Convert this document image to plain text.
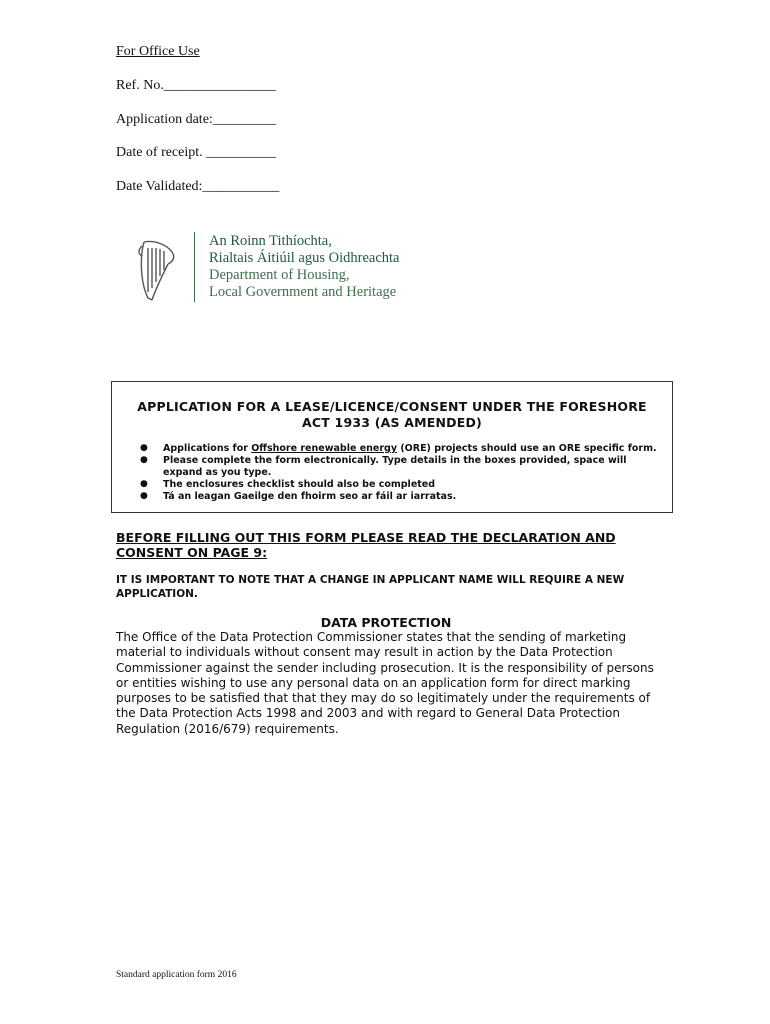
For Office Use
Ref. No.________________
Application date:_________
Date of receipt. __________
Date Validated:___________
An Roinn Tithíochta,
Rialtais Áitiúil agus Oidhreachta
Department of Housing,
Local Government and Heritage
APPLICATION FOR A LEASE/LICENCE/CONSENT UNDER THE FORESHORE ACT 1933 (AS AMENDED)
● Applications for Offshore renewable energy (ORE) projects should use an ORE specific form.
● Please complete the form electronically. Type details in the boxes provided, space will expand as you type.
● The enclosures checklist should also be completed
● Tá an leagan Gaeilge den fhoirm seo ar fáil ar iarratas.
BEFORE FILLING OUT THIS FORM PLEASE READ THE DECLARATION AND CONSENT ON PAGE 9:
IT IS IMPORTANT TO NOTE THAT A CHANGE IN APPLICANT NAME WILL REQUIRE A NEW APPLICATION.
DATA PROTECTION
The Office of the Data Protection Commissioner states that the sending of marketing material to individuals without consent may result in action by the Data Protection Commissioner against the sender including prosecution. It is the responsibility of persons or entities wishing to use any personal data on an application form for direct marking purposes to be satisfied that that they may do so legitimately under the requirements of the Data Protection Acts 1998 and 2003 and with regard to General Data Protection Regulation (2016/679) requirements.
Standard application form 2016
